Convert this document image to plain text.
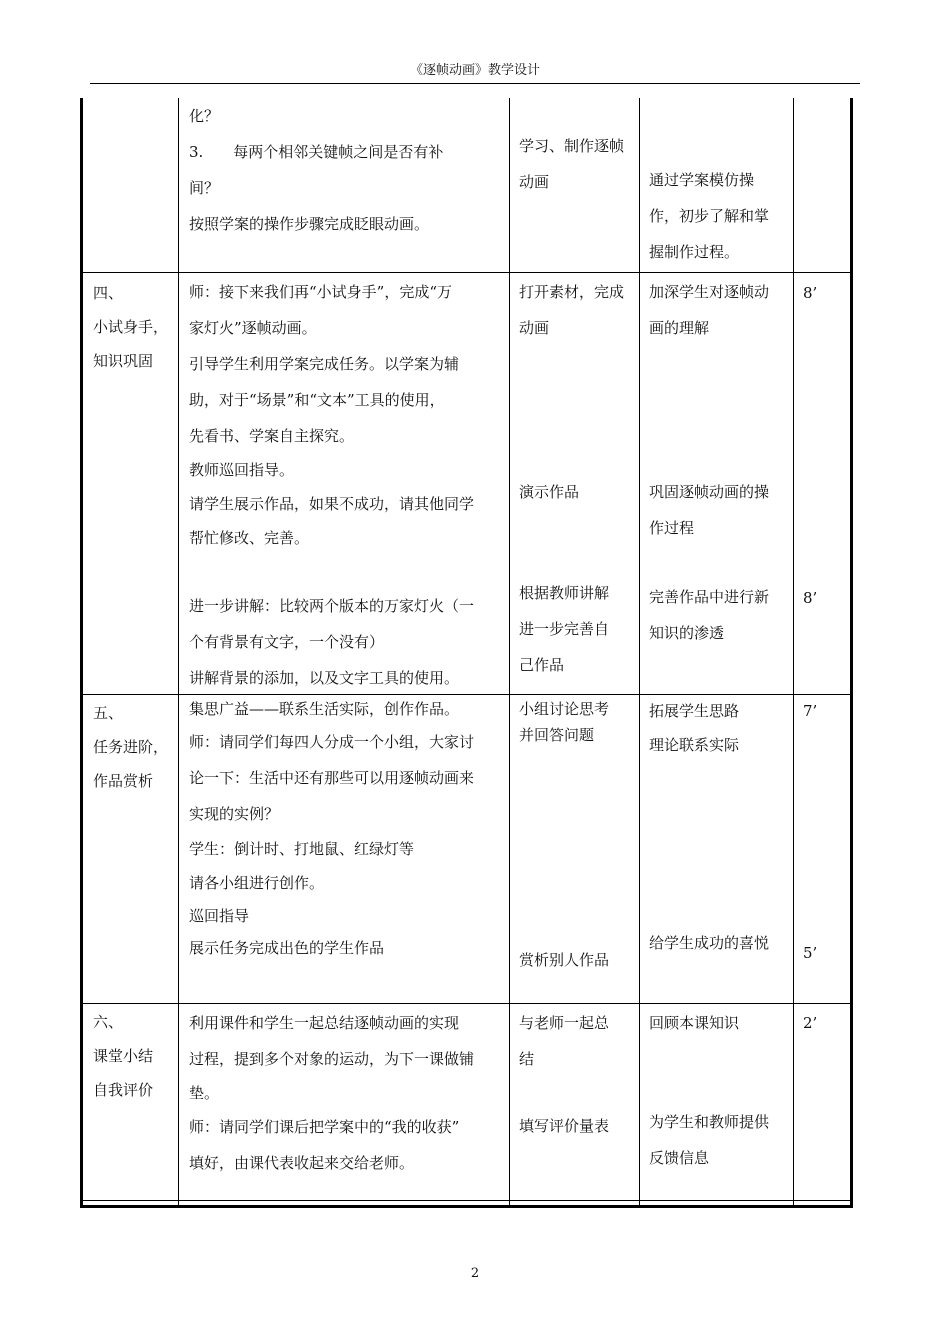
《逐帧动画》教学设计

化？

3.　　每两个相邻关键帧之间是否有补

间？

按照学案的操作步骤完成眨眼动画。

学习、制作逐帧

动画	通过学案模仿操

作，初步了解和掌

握制作过程。

四、

小试身手，

知识巩固

师：接下来我们再“小试身手”，完成“万

家灯火”逐帧动画。

引导学生利用学案完成任务。以学案为辅

助，对于“场景”和“文本”工具的使用，

先看书、学案自主探究。

教师巡回指导。

请学生展示作品，如果不成功，请其他同学

帮忙修改、完善。

进一步讲解：比较两个版本的万家灯火（一

个有背景有文字，一个没有）

讲解背景的添加，以及文字工具的使用。

打开素材，完成

动画

演示作品

根据教师讲解

进一步完善自

己作品

加深学生对逐帧动

画的理解

巩固逐帧动画的操

作过程

完善作品中进行新

知识的渗透

8’
8’

五、

任务进阶，

作品赏析

集思广益——联系生活实际，创作作品。

师：请同学们每四人分成一个小组，大家讨

论一下：生活中还有那些可以用逐帧动画来

实现的实例？

学生：倒计时、打地鼠、红绿灯等

请各小组进行创作。

巡回指导

展示任务完成出色的学生作品

小组讨论思考

并回答问题

赏析别人作品

拓展学生思路

理论联系实际

给学生成功的喜悦

7’
5’

六、

课堂小结

自我评价

利用课件和学生一起总结逐帧动画的实现

过程，提到多个对象的运动，为下一课做铺

垫。

师：请同学们课后把学案中的“我的收获”

填好，由课代表收起来交给老师。

与老师一起总

结

填写评价量表

回顾本课知识

为学生和教师提供

反馈信息

2’
2
